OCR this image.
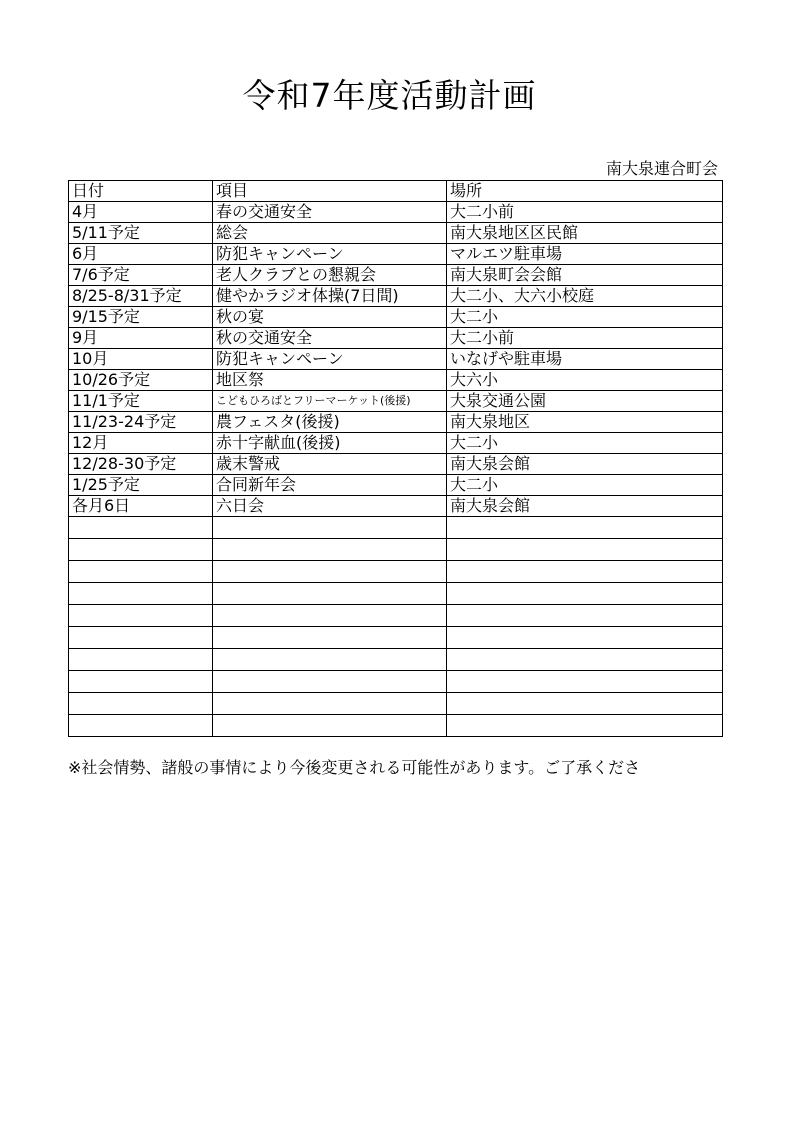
令和7年度活動計画
南大泉連合町会
日付	項目	場所
4月	春の交通安全	大二小前
5/11予定	総会	南大泉地区区民館
6月	防犯キャンペーン	マルエツ駐車場
7/6予定	老人クラブとの懇親会	南大泉町会会館
8/25-8/31予定	健やかラジオ体操(7日間)	大二小、大六小校庭
9/15予定	秋の宴	大二小
9月	秋の交通安全	大二小前
10月	防犯キャンペーン	いなげや駐車場
10/26予定	地区祭	大六小
11/1予定	こどもひろばとフリーマーケット(後援)	大泉交通公園
11/23-24予定	農フェスタ(後援)	南大泉地区
12月	赤十字献血(後援)	大二小
12/28-30予定	歳末警戒	南大泉会館
1/25予定	合同新年会	大二小
各月6日	六日会	南大泉会館

※社会情勢、諸般の事情により今後変更される可能性があります。ご了承くださ
